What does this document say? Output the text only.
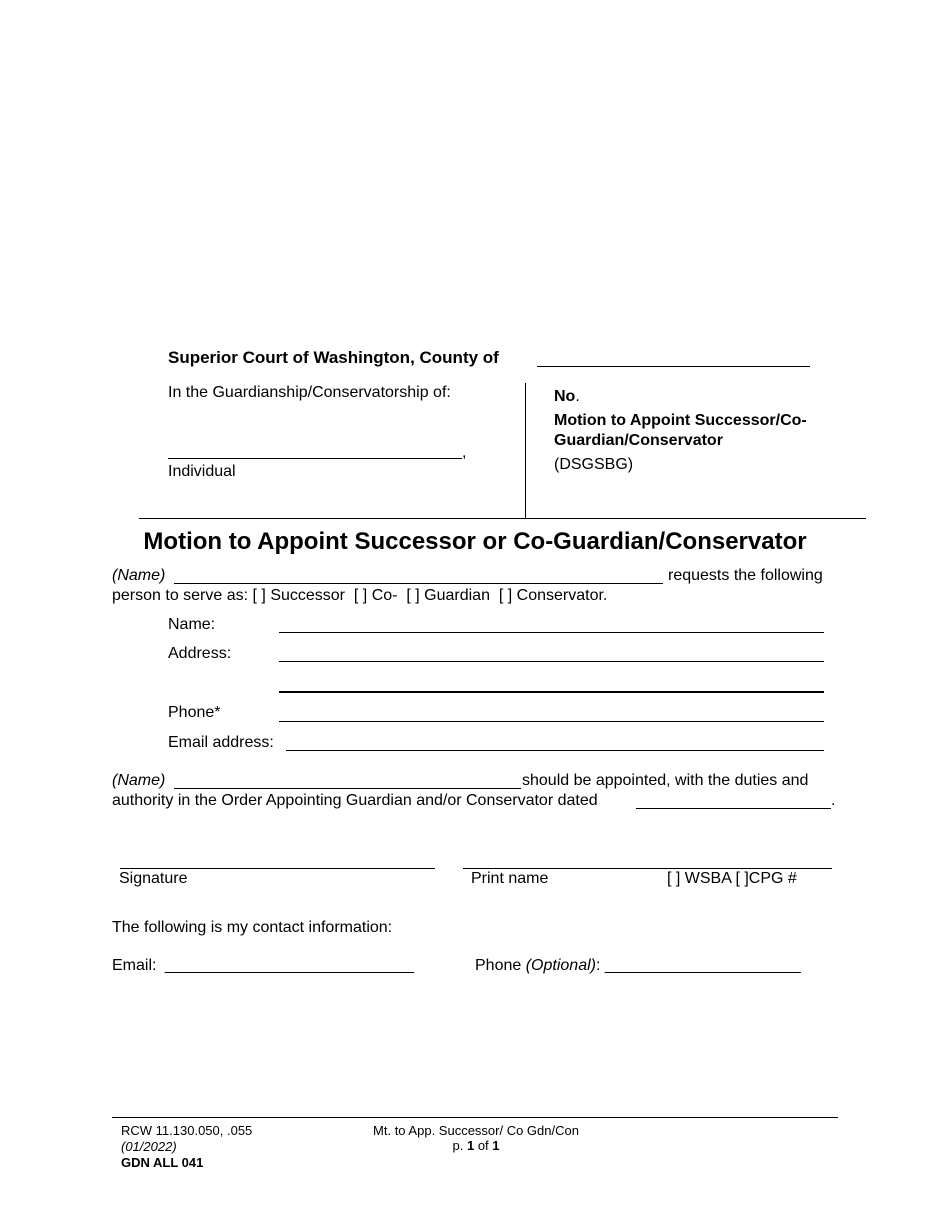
Superior Court of Washington, County of
In the Guardianship/Conservatorship of:
,
Individual
No.
Motion to Appoint Successor/Co-
Guardian/Conservator
(DSGSBG)
Motion to Appoint Successor or Co-Guardian/Conservator
(Name)	requests the following
person to serve as: [ ] Successor [ ] Co- [ ] Guardian [ ] Conservator.
Name:
Address:
Phone*
Email address:
(Name)	should be appointed, with the duties and
authority in the Order Appointing Guardian and/or Conservator dated	.
Signature	Print name	[ ] WSBA [ ]CPG #
The following is my contact information:
Email: ____________________________	Phone (Optional): ______________________
RCW 11.130.050, .055
(01/2022)
GDN ALL 041
Mt. to App. Successor/ Co Gdn/Con
p. 1 of 1
